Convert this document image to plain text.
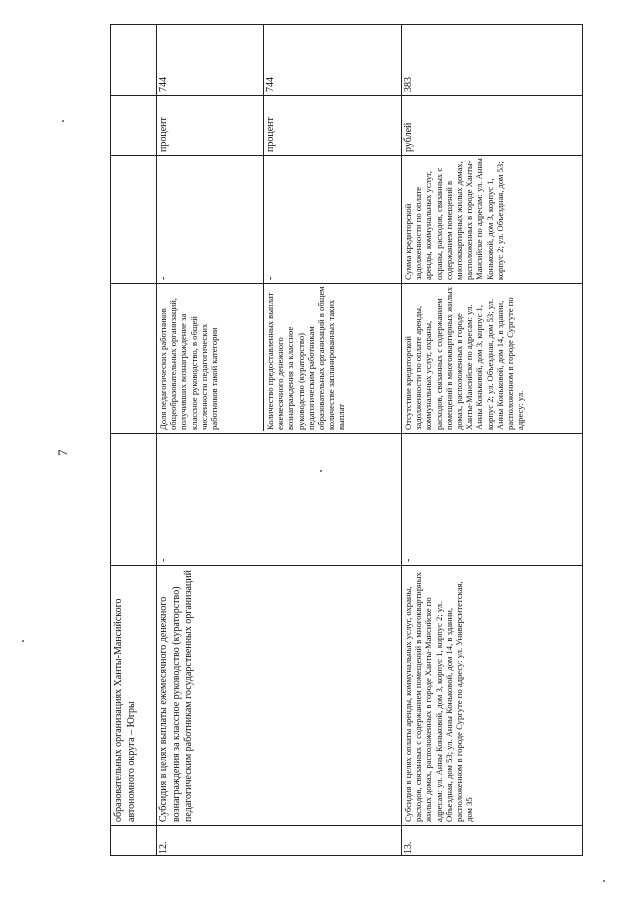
7
образовательных организациях Ханты-Мансийского автономного округа – Югры
12.
Субсидия в целях выплаты ежемесячного денежного вознаграждения за классное руководство (кураторство) педагогическим работникам государственных организаций
-
Доля педагогических работников общеобразовательных организаций, получивших вознаграждение за классное руководство, в общей численности педагогических работников такой категории
-
процент
744
Количество предоставленных выплат ежемесячного денежного вознаграждения за классное руководство (кураторство) педагогическим работникам образовательных организаций в общем количестве запланированных таких выплат
-
процент
744
13.
Субсидия в целях оплаты аренды, коммунальных услуг, охраны, расходов, связанных с содержанием помещений в многоквартирных жилых домах, расположенных в городе Ханты-Мансийске по адресам: ул. Анны Коньковой, дом 3, корпус 1, корпус 2; ул. Объездная, дом 53; ул. Анны Коньковой, дом 14, в здании, расположенном в городе Сургуте по адресу: ул. Университетская, дом 35
-
Отсутствие кредиторской задолженности по оплате аренды, коммунальных услуг, охраны, расходов, связанных с содержанием помещений в многоквартирных жилых домах, расположенных в городе Ханты-Мансийске по адресам: ул. Анны Коньковой, дом 3, корпус 1, корпус 2; ул. Объездная, дом 53; ул. Анны Коньковой, дом 14, в здании, расположенном в городе Сургуте по адресу: ул.
Сумма кредиторской задолженности по оплате аренды, коммунальных услуг, охраны, расходов, связанных с содержанием помещений в многоквартирных жилых домах, расположенных в городе Ханты-Мансийске по адресам: ул. Анны Коньковой, дом 3, корпус 1, корпус 2; ул. Объездная, дом 53;
рублей
383
